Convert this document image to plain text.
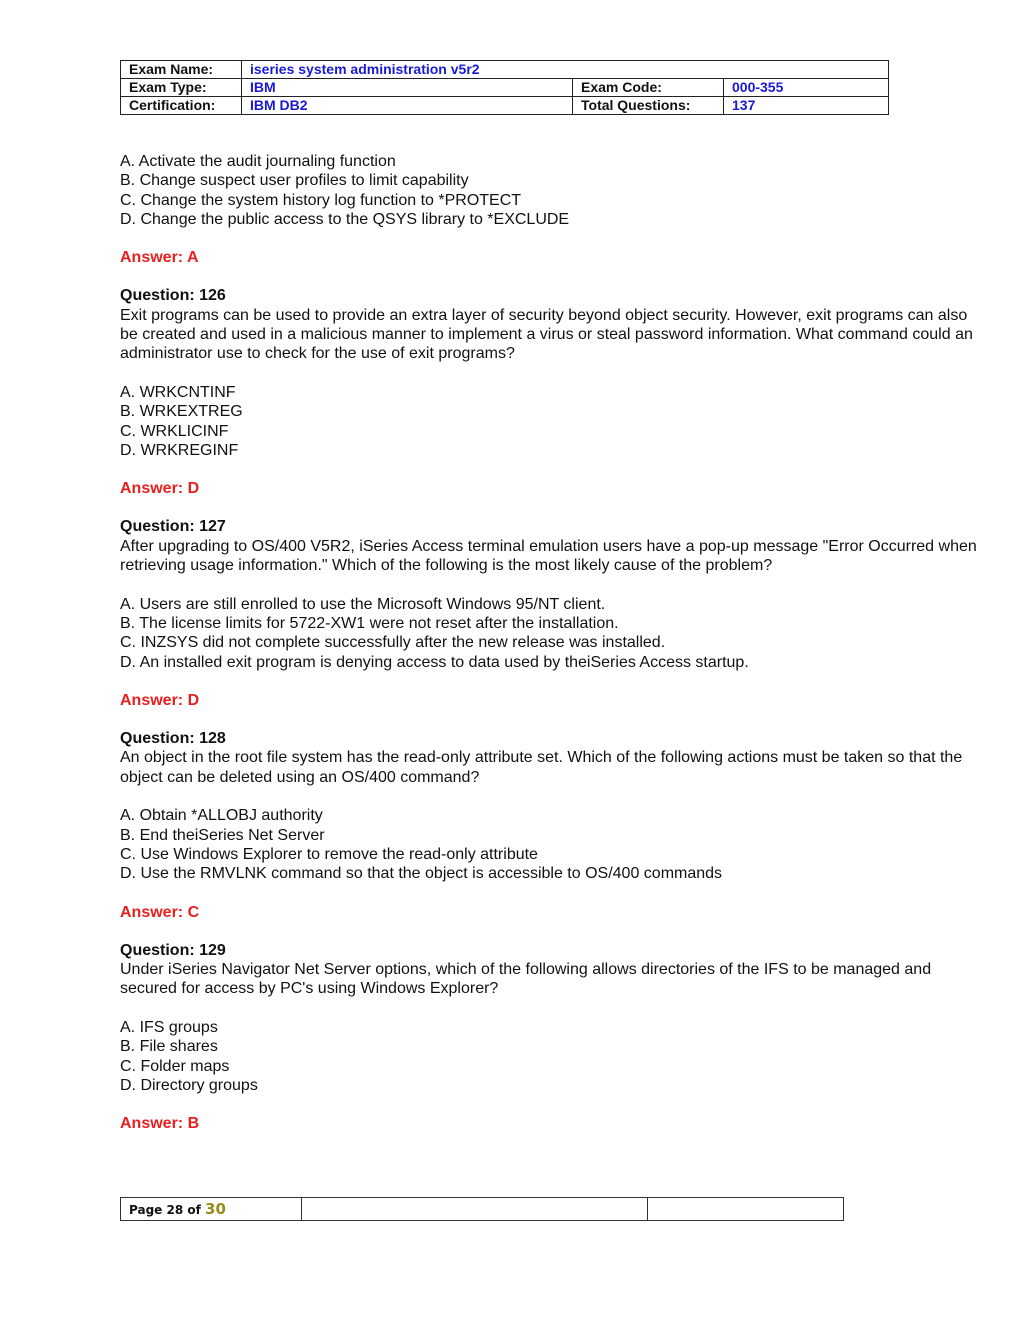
Exam Name:	iseries system administration v5r2		
Exam Type:	IBM	Exam Code:	000-355
Certification:	IBM DB2	Total Questions:	137
A. Activate the audit journaling function
B. Change suspect user profiles to limit capability
C. Change the system history log function to *PROTECT
D. Change the public access to the QSYS library to *EXCLUDE
Answer: A
Question: 126
Exit programs can be used to provide an extra layer of security beyond object security. However, exit programs can also be created and used in a malicious manner to implement a virus or steal password information. What command could an administrator use to check for the use of exit programs?
A. WRKCNTINF
B. WRKEXTREG
C. WRKLICINF
D. WRKREGINF
Answer: D
Question: 127
After upgrading to OS/400 V5R2, iSeries Access terminal emulation users have a pop-up message "Error Occurred when retrieving usage information." Which of the following is the most likely cause of the problem?
A. Users are still enrolled to use the Microsoft Windows 95/NT client.
B. The license limits for 5722-XW1 were not reset after the installation.
C. INZSYS did not complete successfully after the new release was installed.
D. An installed exit program is denying access to data used by theiSeries Access startup.
Answer: D
Question: 128
An object in the root file system has the read-only attribute set. Which of the following actions must be taken so that the object can be deleted using an OS/400 command?
A. Obtain *ALLOBJ authority
B. End theiSeries Net Server
C. Use Windows Explorer to remove the read-only attribute
D. Use the RMVLNK command so that the object is accessible to OS/400 commands
Answer: C
Question: 129
Under iSeries Navigator Net Server options, which of the following allows directories of the IFS to be managed and secured for access by PC's using Windows Explorer?
A. IFS groups
B. File shares
C. Folder maps
D. Directory groups
Answer: B
Page 28 of 30		
